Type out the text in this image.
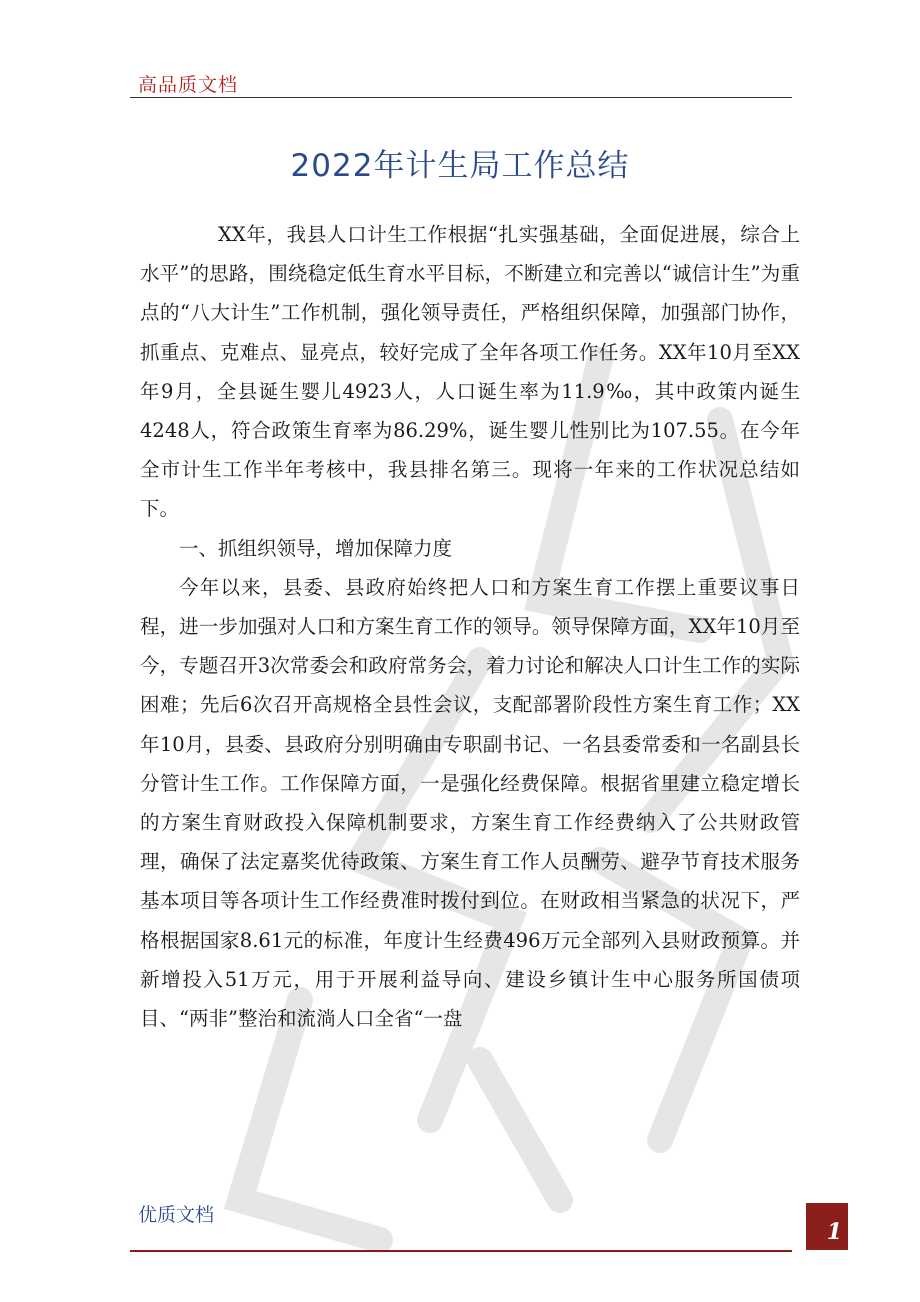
高品质文档
2022年计生局工作总结

XX年，我县人口计生工作根据“扎实强基础，全面促进展，综合上水平”的思路，围绕稳定低生育水平目标，不断建立和完善以“诚信计生”为重点的“八大计生”工作机制，强化领导责任，严格组织保障，加强部门协作，抓重点、克难点、显亮点，较好完成了全年各项工作任务。XX年10月至XX年9月，全县诞生婴儿4923人，人口诞生率为11.9‰，其中政策内诞生4248人，符合政策生育率为86.29%，诞生婴儿性别比为107.55。在今年全市计生工作半年考核中，我县排名第三。现将一年来的工作状况总结如下。

一、抓组织领导，增加保障力度

今年以来，县委、县政府始终把人口和方案生育工作摆上重要议事日程，进一步加强对人口和方案生育工作的领导。领导保障方面，XX年10月至今，专题召开3次常委会和政府常务会，着力讨论和解决人口计生工作的实际困难；先后6次召开高规格全县性会议，支配部署阶段性方案生育工作；XX年10月，县委、县政府分别明确由专职副书记、一名县委常委和一名副县长分管计生工作。工作保障方面，一是强化经费保障。根据省里建立稳定增长的方案生育财政投入保障机制要求，方案生育工作经费纳入了公共财政管理，确保了法定嘉奖优待政策、方案生育工作人员酬劳、避孕节育技术服务基本项目等各项计生工作经费准时拨付到位。在财政相当紧急的状况下，严格根据国家8.61元的标准，年度计生经费496万元全部列入县财政预算。并新增投入51万元，用于开展利益导向、建设乡镇计生中心服务所国债项目、“两非”整治和流淌人口全省“一盘

优质文档
1
